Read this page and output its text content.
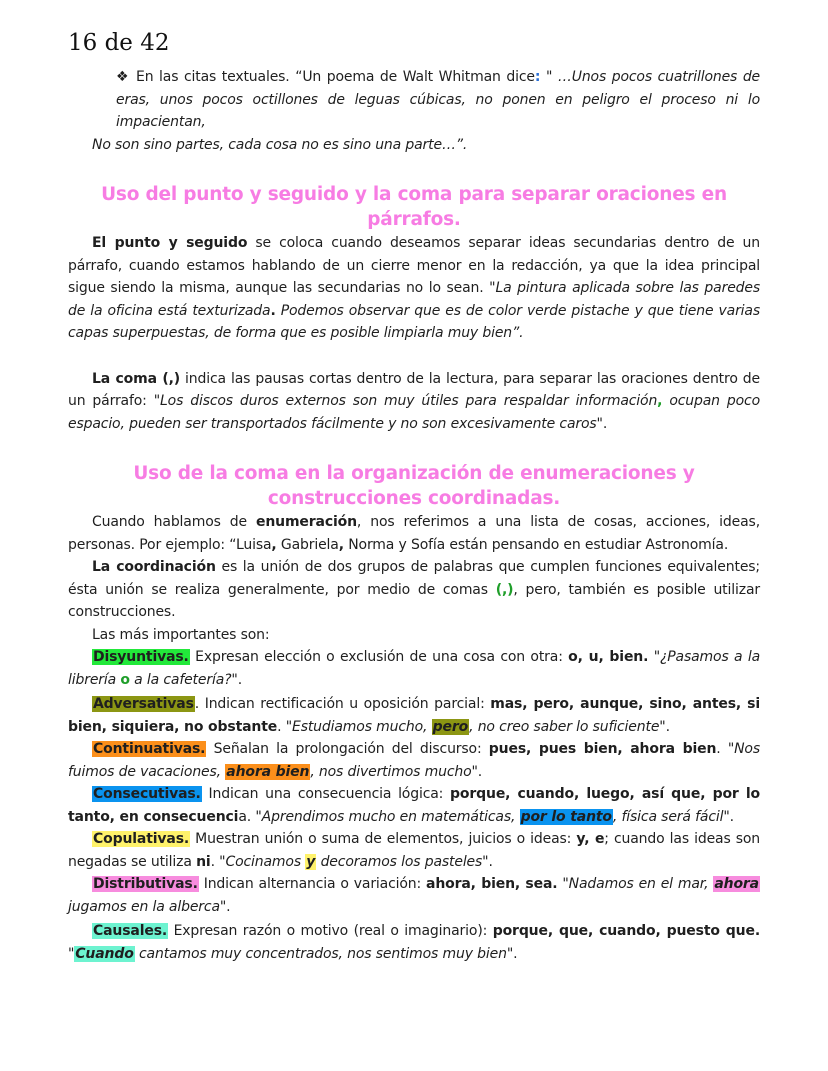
16 de 42

❖ En las citas textuales. “Un poema de Walt Whitman dice: " …Unos pocos cuatrillones de eras, unos pocos octillones de leguas cúbicas, no ponen en peligro el proceso ni lo impacientan,

No son sino partes, cada cosa no es sino una parte…”.

Uso del punto y seguido y la coma para separar oraciones en párrafos.

El punto y seguido se coloca cuando deseamos separar ideas secundarias dentro de un párrafo, cuando estamos hablando de un cierre menor en la redacción, ya que la idea principal sigue siendo la misma, aunque las secundarias no lo sean. "La pintura aplicada sobre las paredes de la oficina está texturizada. Podemos observar que es de color verde pistache y que tiene varias capas superpuestas, de forma que es posible limpiarla muy bien”.

La coma (,) indica las pausas cortas dentro de la lectura, para separar las oraciones dentro de un párrafo: "Los discos duros externos son muy útiles para respaldar información, ocupan poco espacio, pueden ser transportados fácilmente y no son excesivamente caros".

Uso de la coma en la organización de enumeraciones y construcciones coordinadas.

Cuando hablamos de enumeración, nos referimos a una lista de cosas, acciones, ideas, personas. Por ejemplo: “Luisa, Gabriela, Norma y Sofía están pensando en estudiar Astronomía.

La coordinación es la unión de dos grupos de palabras que cumplen funciones equivalentes; ésta unión se realiza generalmente, por medio de comas (,), pero, también es posible utilizar construcciones.

Las más importantes son:

Disyuntivas. Expresan elección o exclusión de una cosa con otra: o, u, bien. "¿Pasamos a la librería o a la cafetería?".

Adversativas. Indican rectificación u oposición parcial: mas, pero, aunque, sino, antes, si bien, siquiera, no obstante. "Estudiamos mucho, pero, no creo saber lo suficiente".

Continuativas. Señalan la prolongación del discurso: pues, pues bien, ahora bien. "Nos fuimos de vacaciones, ahora bien, nos divertimos mucho".

Consecutivas. Indican una consecuencia lógica: porque, cuando, luego, así que, por lo tanto, en consecuencia. "Aprendimos mucho en matemáticas, por lo tanto, física será fácil".

Copulativas. Muestran unión o suma de elementos, juicios o ideas: y, e; cuando las ideas son negadas se utiliza ni. "Cocinamos y decoramos los pasteles".

Distributivas. Indican alternancia o variación: ahora, bien, sea. "Nadamos en el mar, ahora jugamos en la alberca".

Causales. Expresan razón o motivo (real o imaginario): porque, que, cuando, puesto que. "Cuando cantamos muy concentrados, nos sentimos muy bien".
